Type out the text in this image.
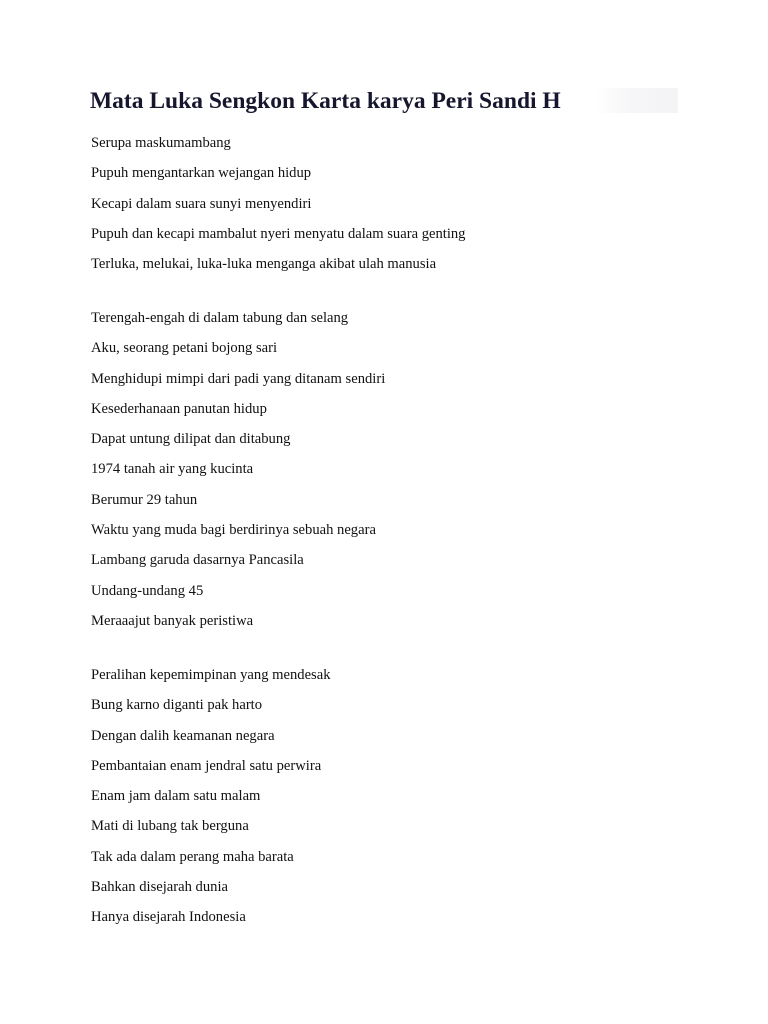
Mata Luka Sengkon Karta karya Peri Sandi H
Serupa maskumambang
Pupuh mengantarkan wejangan hidup
Kecapi dalam suara sunyi menyendiri
Pupuh dan kecapi mambalut nyeri menyatu dalam suara genting
Terluka, melukai, luka-luka menganga akibat ulah manusia
Terengah-engah di dalam tabung dan selang
Aku, seorang petani bojong sari
Menghidupi mimpi dari padi yang ditanam sendiri
Kesederhanaan panutan hidup
Dapat untung dilipat dan ditabung
1974 tanah air yang kucinta
Berumur 29 tahun
Waktu yang muda bagi berdirinya sebuah negara
Lambang garuda dasarnya Pancasila
Undang-undang 45
Meraaajut banyak peristiwa
Peralihan kepemimpinan yang mendesak
Bung karno diganti pak harto
Dengan dalih keamanan negara
Pembantaian enam jendral satu perwira
Enam jam dalam satu malam
Mati di lubang tak berguna
Tak ada dalam perang maha barata
Bahkan disejarah dunia
Hanya disejarah Indonesia
